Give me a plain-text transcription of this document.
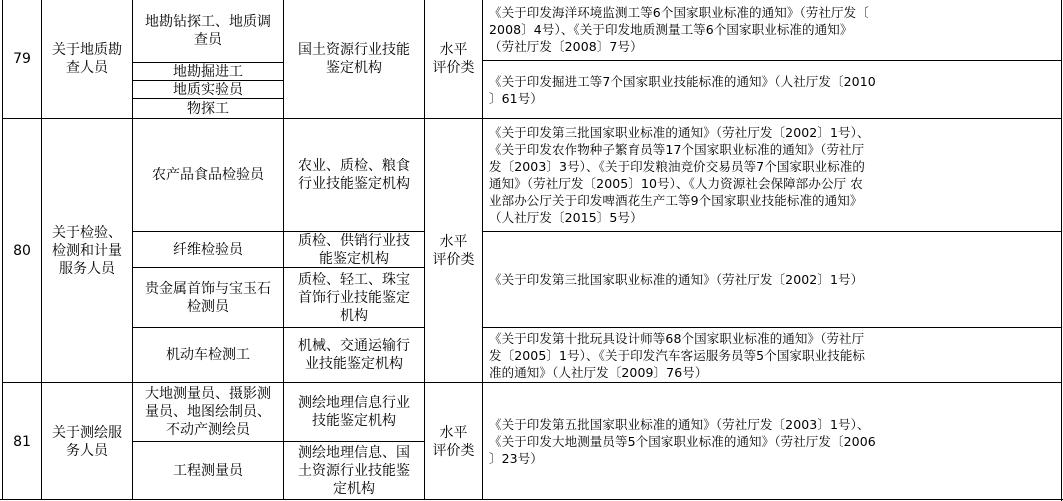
79
关于地质勘
查人员
地勘钻探工、地质调
查员
地勘掘进工
地质实验员
物探工
国土资源行业技能
鉴定机构
水平
评价类
《关于印发海洋环境监测工等6个国家职业标准的通知》（劳社厅发〔
2008〕4号）、《关于印发地质测量工等6个国家职业标准的通知》
（劳社厅发〔2008〕7号）
《关于印发掘进工等7个国家职业技能标准的通知》（人社厅发〔2010
〕61号）
80
关于检验、
检测和计量
服务人员
农产品食品检验员
纤维检验员
贵金属首饰与宝玉石
检测员
机动车检测工
农业、质检、粮食
行业技能鉴定机构
质检、供销行业技
能鉴定机构
质检、轻工、珠宝
首饰行业技能鉴定
机构
机械、交通运输行
业技能鉴定机构
水平
评价类
《关于印发第三批国家职业标准的通知》（劳社厅发〔2002〕1号）、
《关于印发农作物种子繁育员等17个国家职业标准的通知》（劳社厅
发〔2003〕3号）、《关于印发粮油竞价交易员等7个国家职业标准的
通知》（劳社厅发〔2005〕10号）、《人力资源社会保障部办公厅 农
业部办公厅关于印发啤酒花生产工等9个国家职业技能标准的通知》
（人社厅发〔2015〕5号）
《关于印发第三批国家职业标准的通知》（劳社厅发〔2002〕1号）
《关于印发第十批玩具设计师等68个国家职业标准的通知》（劳社厅
发〔2005〕1号）、《关于印发汽车客运服务员等5个国家职业技能标
准的通知》（人社厅发〔2009〕76号）
81
关于测绘服
务人员
大地测量员、摄影测
量员、地图绘制员、
不动产测绘员
工程测量员
测绘地理信息行业
技能鉴定机构
测绘地理信息、国
土资源行业技能鉴
定机构
水平
评价类
《关于印发第五批国家职业标准的通知》（劳社厅发〔2003〕1号）、
《关于印发大地测量员等5个国家职业标准的通知》（劳社厅发〔2006
〕23号）
